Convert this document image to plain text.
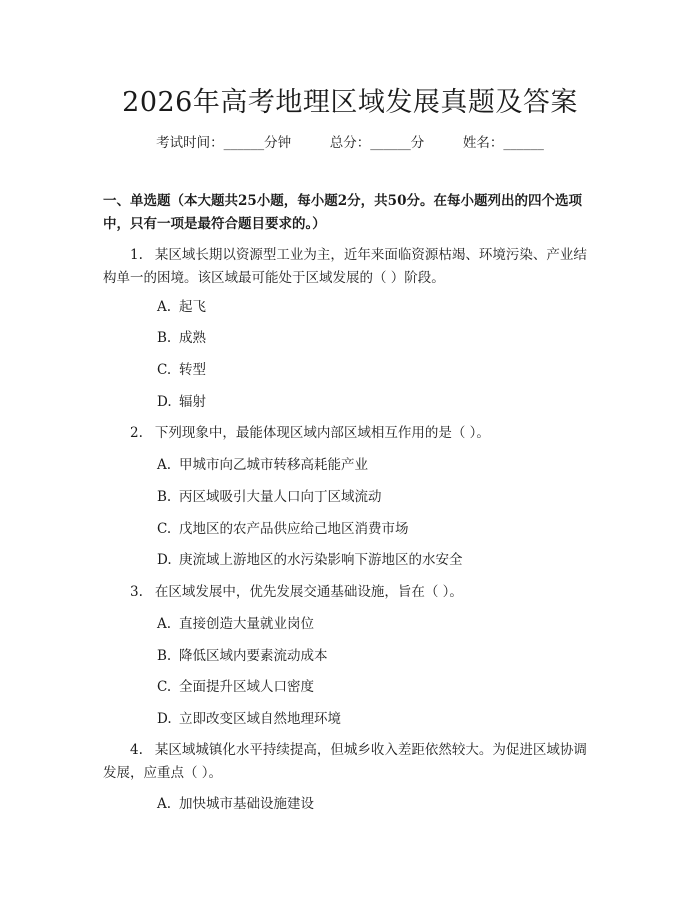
2026年高考地理区域发展真题及答案
考试时间：______分钟	总分：______分	姓名：______
一、单选题（本大题共25小题，每小题2分，共50分。在每小题列出的四个选项中，只有一项是最符合题目要求的。）
1. 某区域长期以资源型工业为主，近年来面临资源枯竭、环境污染、产业结构单一的困境。该区域最可能处于区域发展的（ ）阶段。
A. 起飞
B. 成熟
C. 转型
D. 辐射
2. 下列现象中，最能体现区域内部区域相互作用的是（ ）。
A. 甲城市向乙城市转移高耗能产业
B. 丙区域吸引大量人口向丁区域流动
C. 戊地区的农产品供应给己地区消费市场
D. 庚流域上游地区的水污染影响下游地区的水安全
3. 在区域发展中，优先发展交通基础设施，旨在（ ）。
A. 直接创造大量就业岗位
B. 降低区域内要素流动成本
C. 全面提升区域人口密度
D. 立即改变区域自然地理环境
4. 某区域城镇化水平持续提高，但城乡收入差距依然较大。为促进区域协调发展，应重点（ ）。
A. 加快城市基础设施建设
